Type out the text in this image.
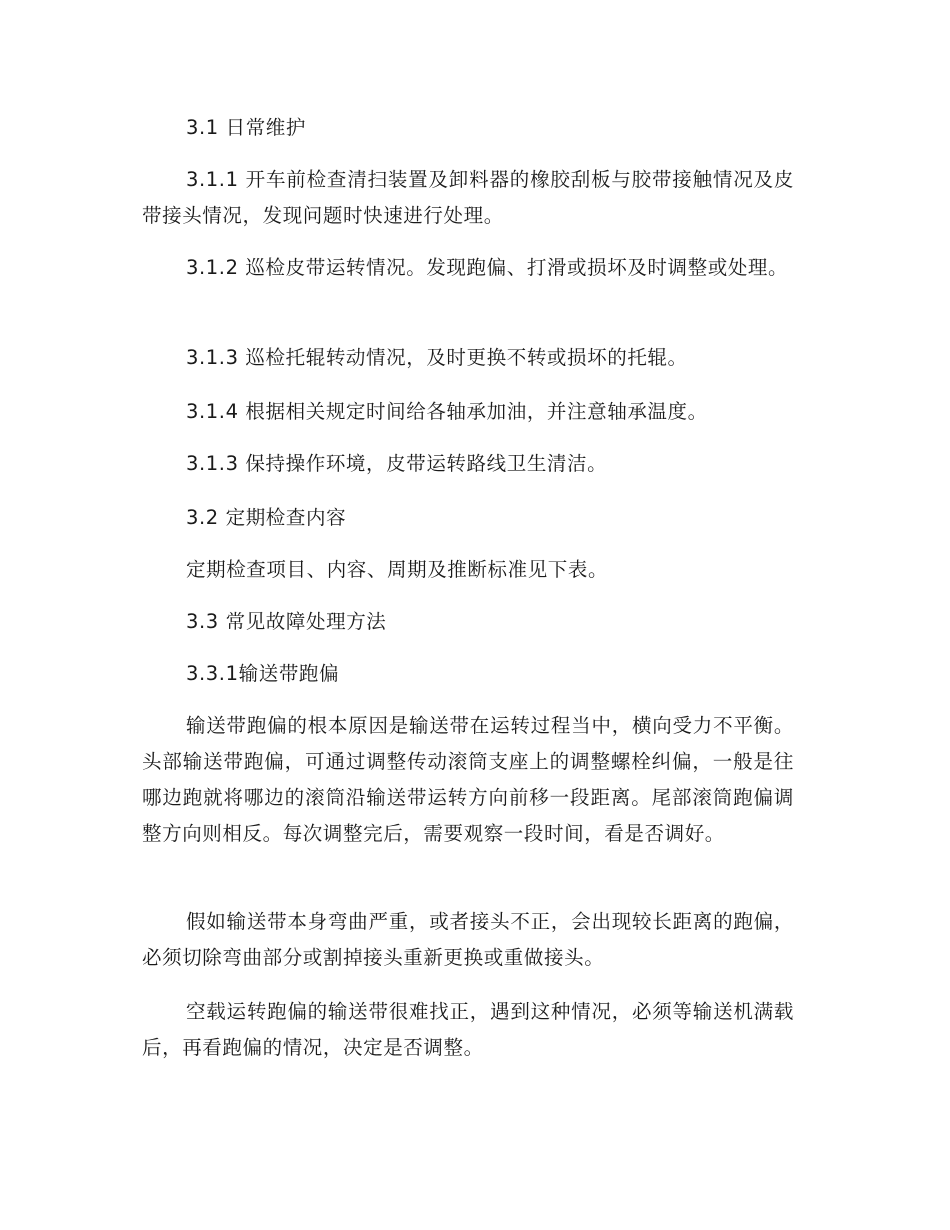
3.1 日常维护

3.1.1 开车前检查清扫装置及卸料器的橡胶刮板与胶带接触情况及皮带接头情况，发现问题时快速进行处理。

3.1.2 巡检皮带运转情况。发现跑偏、打滑或损坏及时调整或处理。

3.1.3 巡检托辊转动情况，及时更换不转或损坏的托辊。

3.1.4 根据相关规定时间给各轴承加油，并注意轴承温度。

3.1.3 保持操作环境，皮带运转路线卫生清洁。

3.2 定期检查内容

定期检查项目、内容、周期及推断标准见下表。

3.3 常见故障处理方法

3.3.1输送带跑偏

输送带跑偏的根本原因是输送带在运转过程当中，横向受力不平衡。头部输送带跑偏，可通过调整传动滚筒支座上的调整螺栓纠偏，一般是往哪边跑就将哪边的滚筒沿输送带运转方向前移一段距离。尾部滚筒跑偏调整方向则相反。每次调整完后，需要观察一段时间，看是否调好。

假如输送带本身弯曲严重，或者接头不正，会出现较长距离的跑偏，必须切除弯曲部分或割掉接头重新更换或重做接头。

空载运转跑偏的输送带很难找正，遇到这种情况，必须等输送机满载后，再看跑偏的情况，决定是否调整。
